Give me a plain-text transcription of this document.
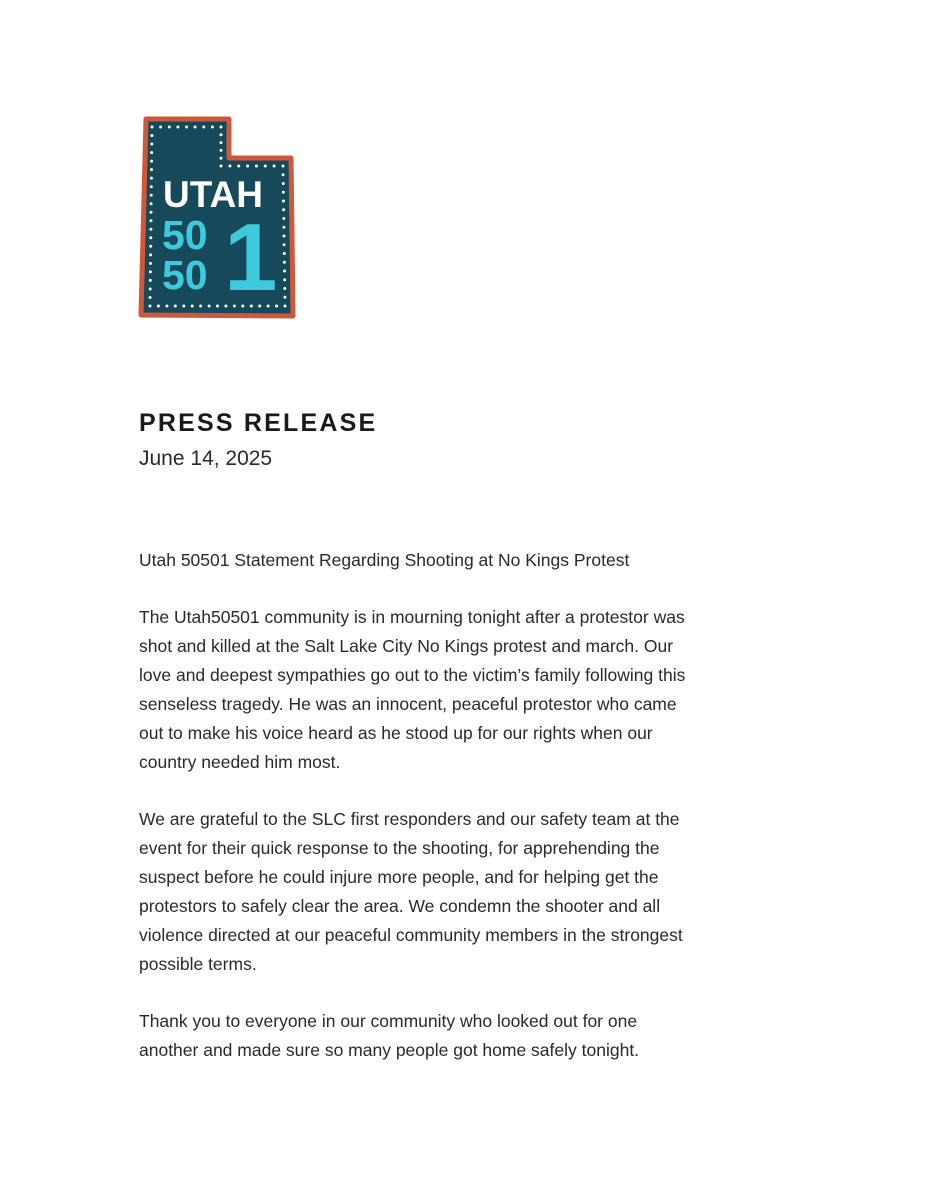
UTAH
50
50 1
PRESS RELEASE
June 14, 2025
Utah 50501 Statement Regarding Shooting at No Kings Protest

The Utah50501 community is in mourning tonight after a protestor was
shot and killed at the Salt Lake City No Kings protest and march. Our
love and deepest sympathies go out to the victim’s family following this
senseless tragedy. He was an innocent, peaceful protestor who came
out to make his voice heard as he stood up for our rights when our
country needed him most.

We are grateful to the SLC first responders and our safety team at the
event for their quick response to the shooting, for apprehending the
suspect before he could injure more people, and for helping get the
protestors to safely clear the area. We condemn the shooter and all
violence directed at our peaceful community members in the strongest
possible terms.

Thank you to everyone in our community who looked out for one
another and made sure so many people got home safely tonight.
